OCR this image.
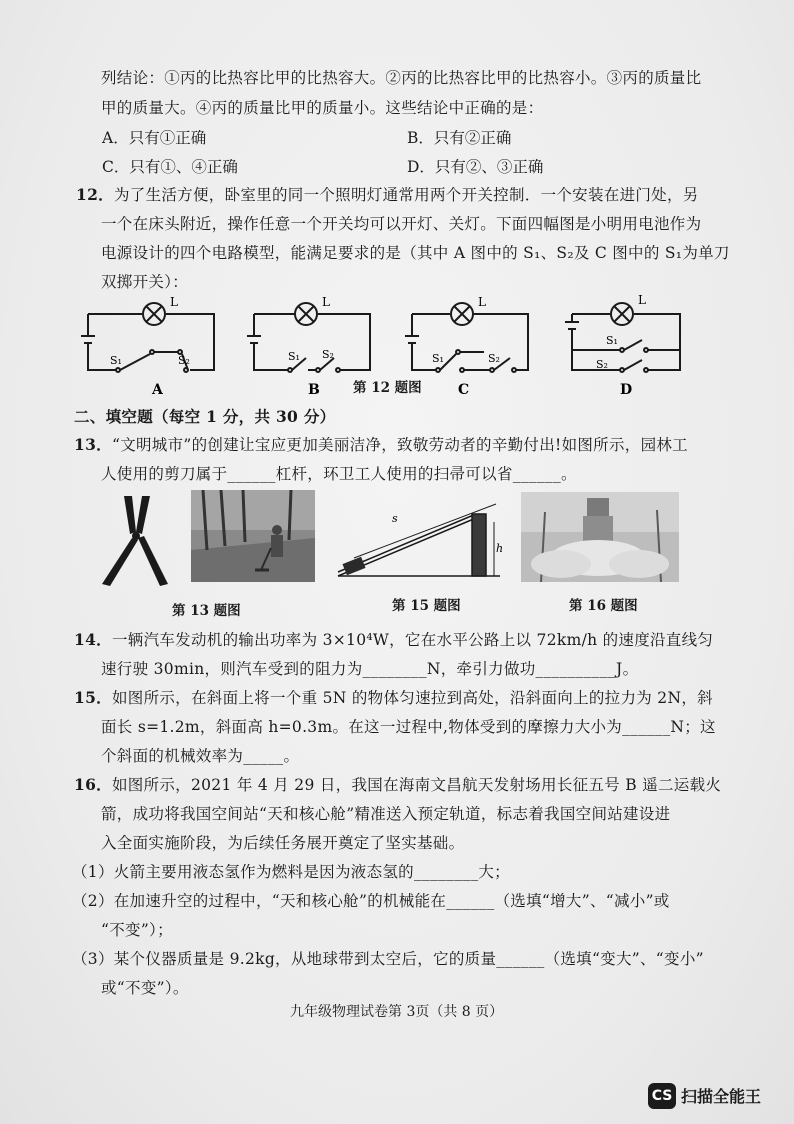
列结论：①丙的比热容比甲的比热容大。②丙的比热容比甲的比热容小。③丙的质量比
甲的质量大。④丙的质量比甲的质量小。这些结论中正确的是：
A．只有①正确	B．只有②正确
C．只有①、④正确	D．只有②、③正确
12．为了生活方便，卧室里的同一个照明灯通常用两个开关控制．一个安装在进门处，另
一个在床头附近，操作任意一个开关均可以开灯、关灯。下面四幅图是小明用电池作为
电源设计的四个电路模型，能满足要求的是（其中 A 图中的 S₁、S₂及 C 图中的 S₁为单刀
双掷开关）：
L
S₁	S₂
A
L
S₁ S₂
B 第 12 题图
L
S₁	S₂
C
L
S₁
S₂
D
二、填空题（每空 1 分，共 30 分）
13．“文明城市”的创建让宝应更加美丽洁净，致敬劳动者的辛勤付出!如图所示，园林工
人使用的剪刀属于______杠杆，环卫工人使用的扫帚可以省______。
s
h
第 13 题图	第 15 题图	第 16 题图
14．一辆汽车发动机的输出功率为 3×10⁴W，它在水平公路上以 72km/h 的速度沿直线匀
速行驶 30min，则汽车受到的阻力为________N，牵引力做功__________J。
15．如图所示，在斜面上将一个重 5N 的物体匀速拉到高处，沿斜面向上的拉力为 2N，斜
面长 s=1.2m，斜面高 h=0.3m。在这一过程中,物体受到的摩擦力大小为______N；这
个斜面的机械效率为_____。
16．如图所示，2021 年 4 月 29 日，我国在海南文昌航天发射场用长征五号 B 遥二运载火
箭，成功将我国空间站“天和核心舱”精准送入预定轨道，标志着我国空间站建设进
入全面实施阶段，为后续任务展开奠定了坚实基础。
（1）火箭主要用液态氢作为燃料是因为液态氢的________大；
（2）在加速升空的过程中，“天和核心舱”的机械能在______（选填“增大”、“减小”或
“不变”）；
（3）某个仪器质量是 9.2kg，从地球带到太空后，它的质量______（选填“变大”、“变小”
或“不变”）。
九年级物理试卷第 3页（共 8 页）
CS 扫描全能王
